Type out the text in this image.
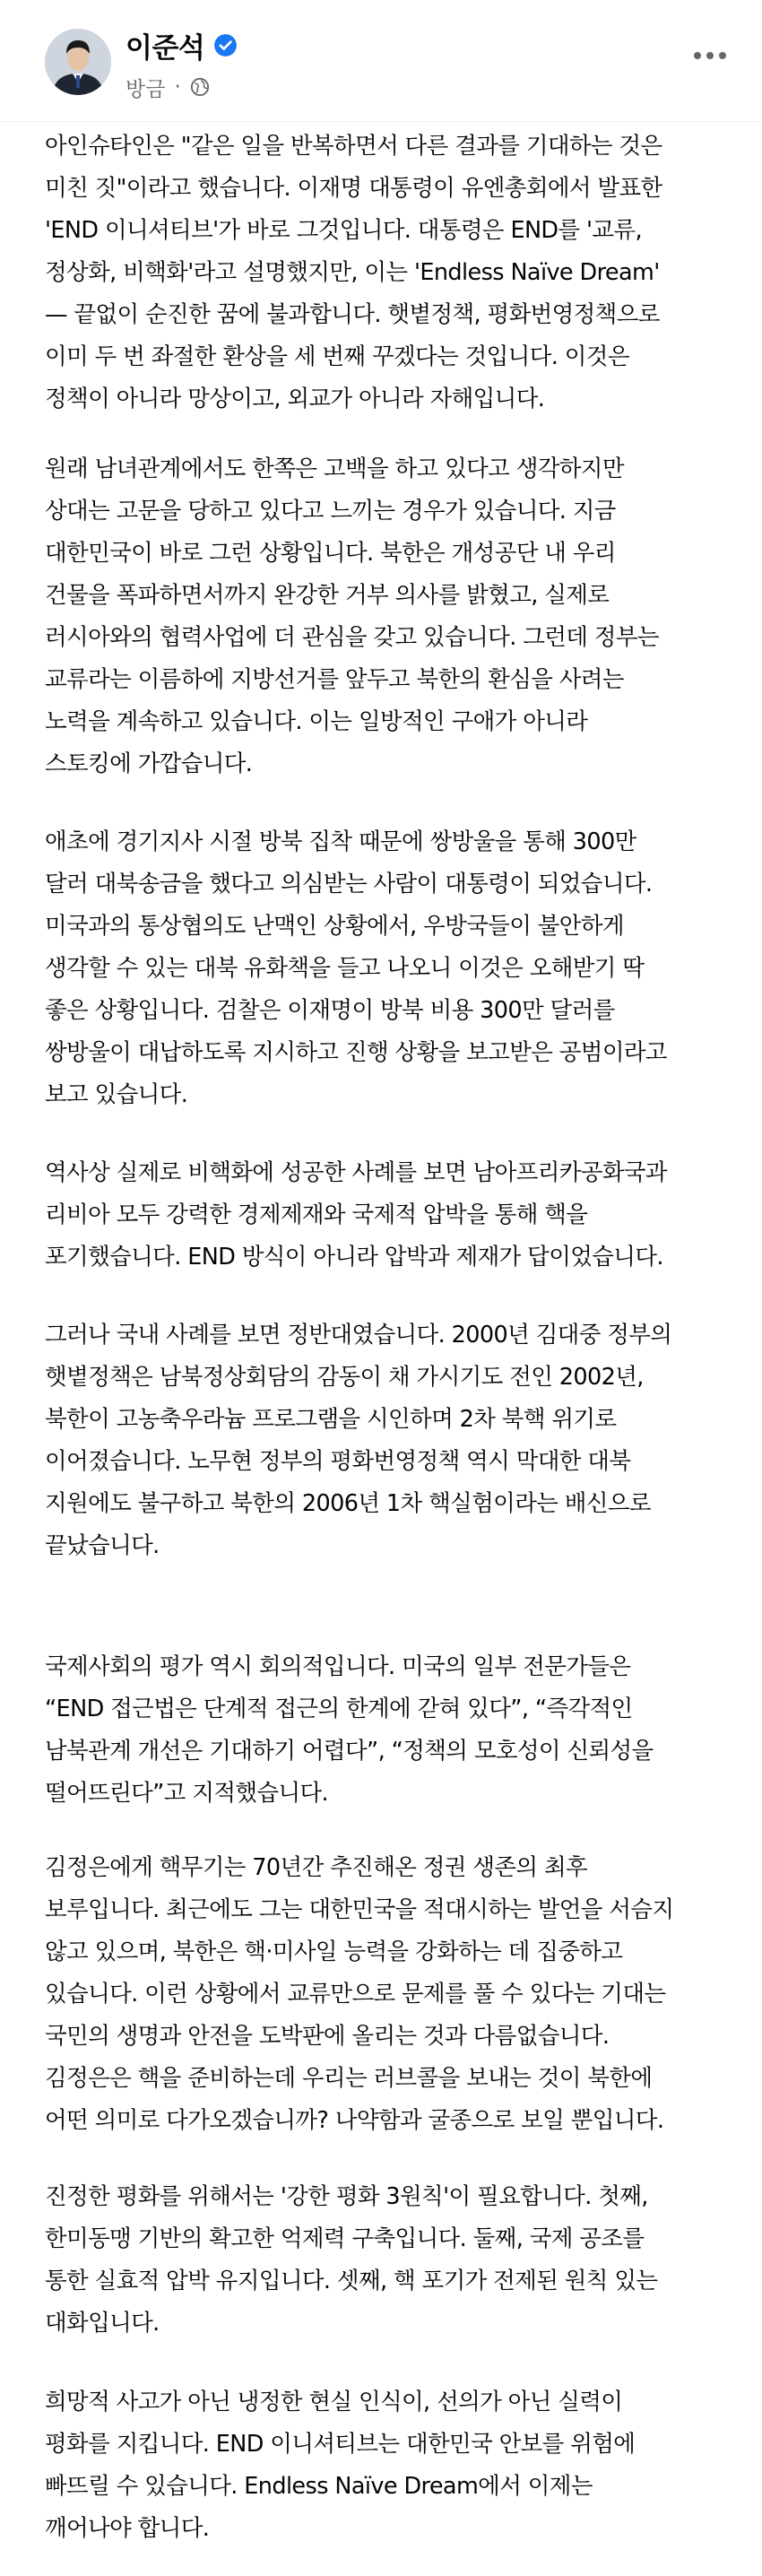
이준석
방금 ·

아인슈타인은 "같은 일을 반복하면서 다른 결과를 기대하는 것은
미친 짓"이라고 했습니다. 이재명 대통령이 유엔총회에서 발표한
'END 이니셔티브'가 바로 그것입니다. 대통령은 END를 '교류,
정상화, 비핵화'라고 설명했지만, 이는 'Endless Naïve Dream'
— 끝없이 순진한 꿈에 불과합니다. 햇볕정책, 평화번영정책으로
이미 두 번 좌절한 환상을 세 번째 꾸겠다는 것입니다. 이것은
정책이 아니라 망상이고, 외교가 아니라 자해입니다.

원래 남녀관계에서도 한쪽은 고백을 하고 있다고 생각하지만
상대는 고문을 당하고 있다고 느끼는 경우가 있습니다. 지금
대한민국이 바로 그런 상황입니다. 북한은 개성공단 내 우리
건물을 폭파하면서까지 완강한 거부 의사를 밝혔고, 실제로
러시아와의 협력사업에 더 관심을 갖고 있습니다. 그런데 정부는
교류라는 이름하에 지방선거를 앞두고 북한의 환심을 사려는
노력을 계속하고 있습니다. 이는 일방적인 구애가 아니라
스토킹에 가깝습니다.

애초에 경기지사 시절 방북 집착 때문에 쌍방울을 통해 300만
달러 대북송금을 했다고 의심받는 사람이 대통령이 되었습니다.
미국과의 통상협의도 난맥인 상황에서, 우방국들이 불안하게
생각할 수 있는 대북 유화책을 들고 나오니 이것은 오해받기 딱
좋은 상황입니다. 검찰은 이재명이 방북 비용 300만 달러를
쌍방울이 대납하도록 지시하고 진행 상황을 보고받은 공범이라고
보고 있습니다.

역사상 실제로 비핵화에 성공한 사례를 보면 남아프리카공화국과
리비아 모두 강력한 경제제재와 국제적 압박을 통해 핵을
포기했습니다. END 방식이 아니라 압박과 제재가 답이었습니다.

그러나 국내 사례를 보면 정반대였습니다. 2000년 김대중 정부의
햇볕정책은 남북정상회담의 감동이 채 가시기도 전인 2002년,
북한이 고농축우라늄 프로그램을 시인하며 2차 북핵 위기로
이어졌습니다. 노무현 정부의 평화번영정책 역시 막대한 대북
지원에도 불구하고 북한의 2006년 1차 핵실험이라는 배신으로
끝났습니다.

국제사회의 평가 역시 회의적입니다. 미국의 일부 전문가들은
“END 접근법은 단계적 접근의 한계에 갇혀 있다”, “즉각적인
남북관계 개선은 기대하기 어렵다”, “정책의 모호성이 신뢰성을
떨어뜨린다”고 지적했습니다.

김정은에게 핵무기는 70년간 추진해온 정권 생존의 최후
보루입니다. 최근에도 그는 대한민국을 적대시하는 발언을 서슴지
않고 있으며, 북한은 핵·미사일 능력을 강화하는 데 집중하고
있습니다. 이런 상황에서 교류만으로 문제를 풀 수 있다는 기대는
국민의 생명과 안전을 도박판에 올리는 것과 다름없습니다.
김정은은 핵을 준비하는데 우리는 러브콜을 보내는 것이 북한에
어떤 의미로 다가오겠습니까? 나약함과 굴종으로 보일 뿐입니다.

진정한 평화를 위해서는 '강한 평화 3원칙'이 필요합니다. 첫째,
한미동맹 기반의 확고한 억제력 구축입니다. 둘째, 국제 공조를
통한 실효적 압박 유지입니다. 셋째, 핵 포기가 전제된 원칙 있는
대화입니다.

희망적 사고가 아닌 냉정한 현실 인식이, 선의가 아닌 실력이
평화를 지킵니다. END 이니셔티브는 대한민국 안보를 위험에
빠뜨릴 수 있습니다. Endless Naïve Dream에서 이제는
깨어나야 합니다.
